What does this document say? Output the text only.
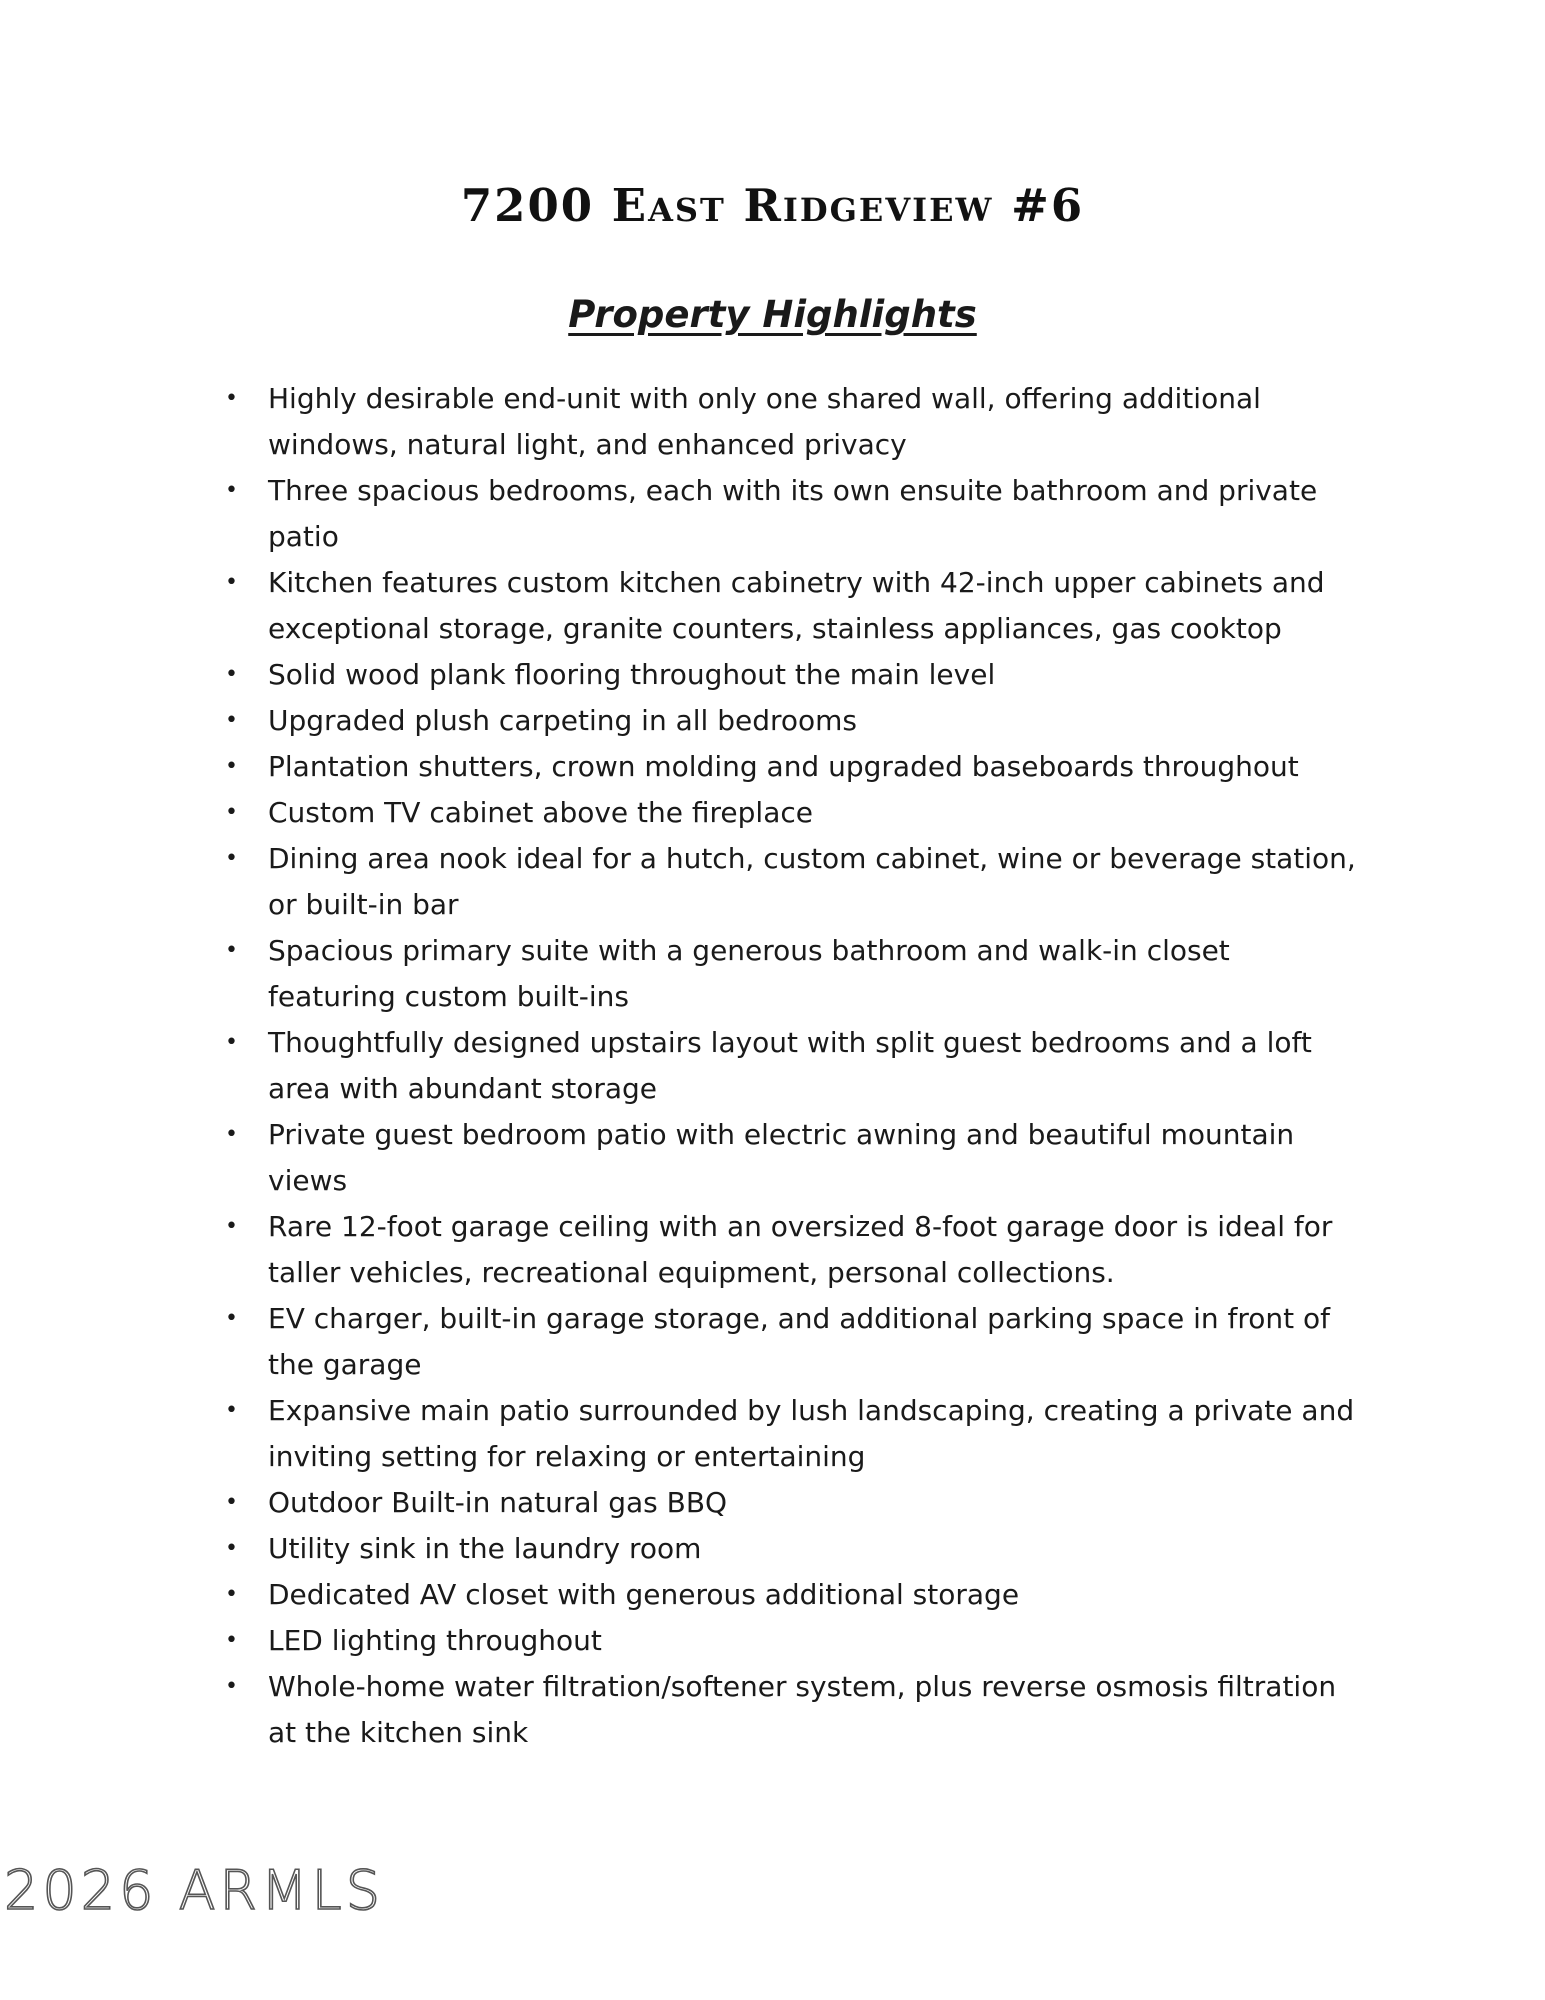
7200 East Ridgeview #6
Property Highlights
• Highly desirable end-unit with only one shared wall, offering additional windows, natural light, and enhanced privacy
• Three spacious bedrooms, each with its own ensuite bathroom and private patio
• Kitchen features custom kitchen cabinetry with 42-inch upper cabinets and exceptional storage, granite counters, stainless appliances, gas cooktop
• Solid wood plank flooring throughout the main level
• Upgraded plush carpeting in all bedrooms
• Plantation shutters, crown molding and upgraded baseboards throughout
• Custom TV cabinet above the fireplace
• Dining area nook ideal for a hutch, custom cabinet, wine or beverage station, or built-in bar
• Spacious primary suite with a generous bathroom and walk-in closet featuring custom built-ins
• Thoughtfully designed upstairs layout with split guest bedrooms and a loft area with abundant storage
• Private guest bedroom patio with electric awning and beautiful mountain views
• Rare 12-foot garage ceiling with an oversized 8-foot garage door is ideal for taller vehicles, recreational equipment, personal collections.
• EV charger, built-in garage storage, and additional parking space in front of the garage
• Expansive main patio surrounded by lush landscaping, creating a private and inviting setting for relaxing or entertaining
• Outdoor Built-in natural gas BBQ
• Utility sink in the laundry room
• Dedicated AV closet with generous additional storage
• LED lighting throughout
• Whole-home water filtration/softener system, plus reverse osmosis filtration at the kitchen sink
2026 ARMLS
